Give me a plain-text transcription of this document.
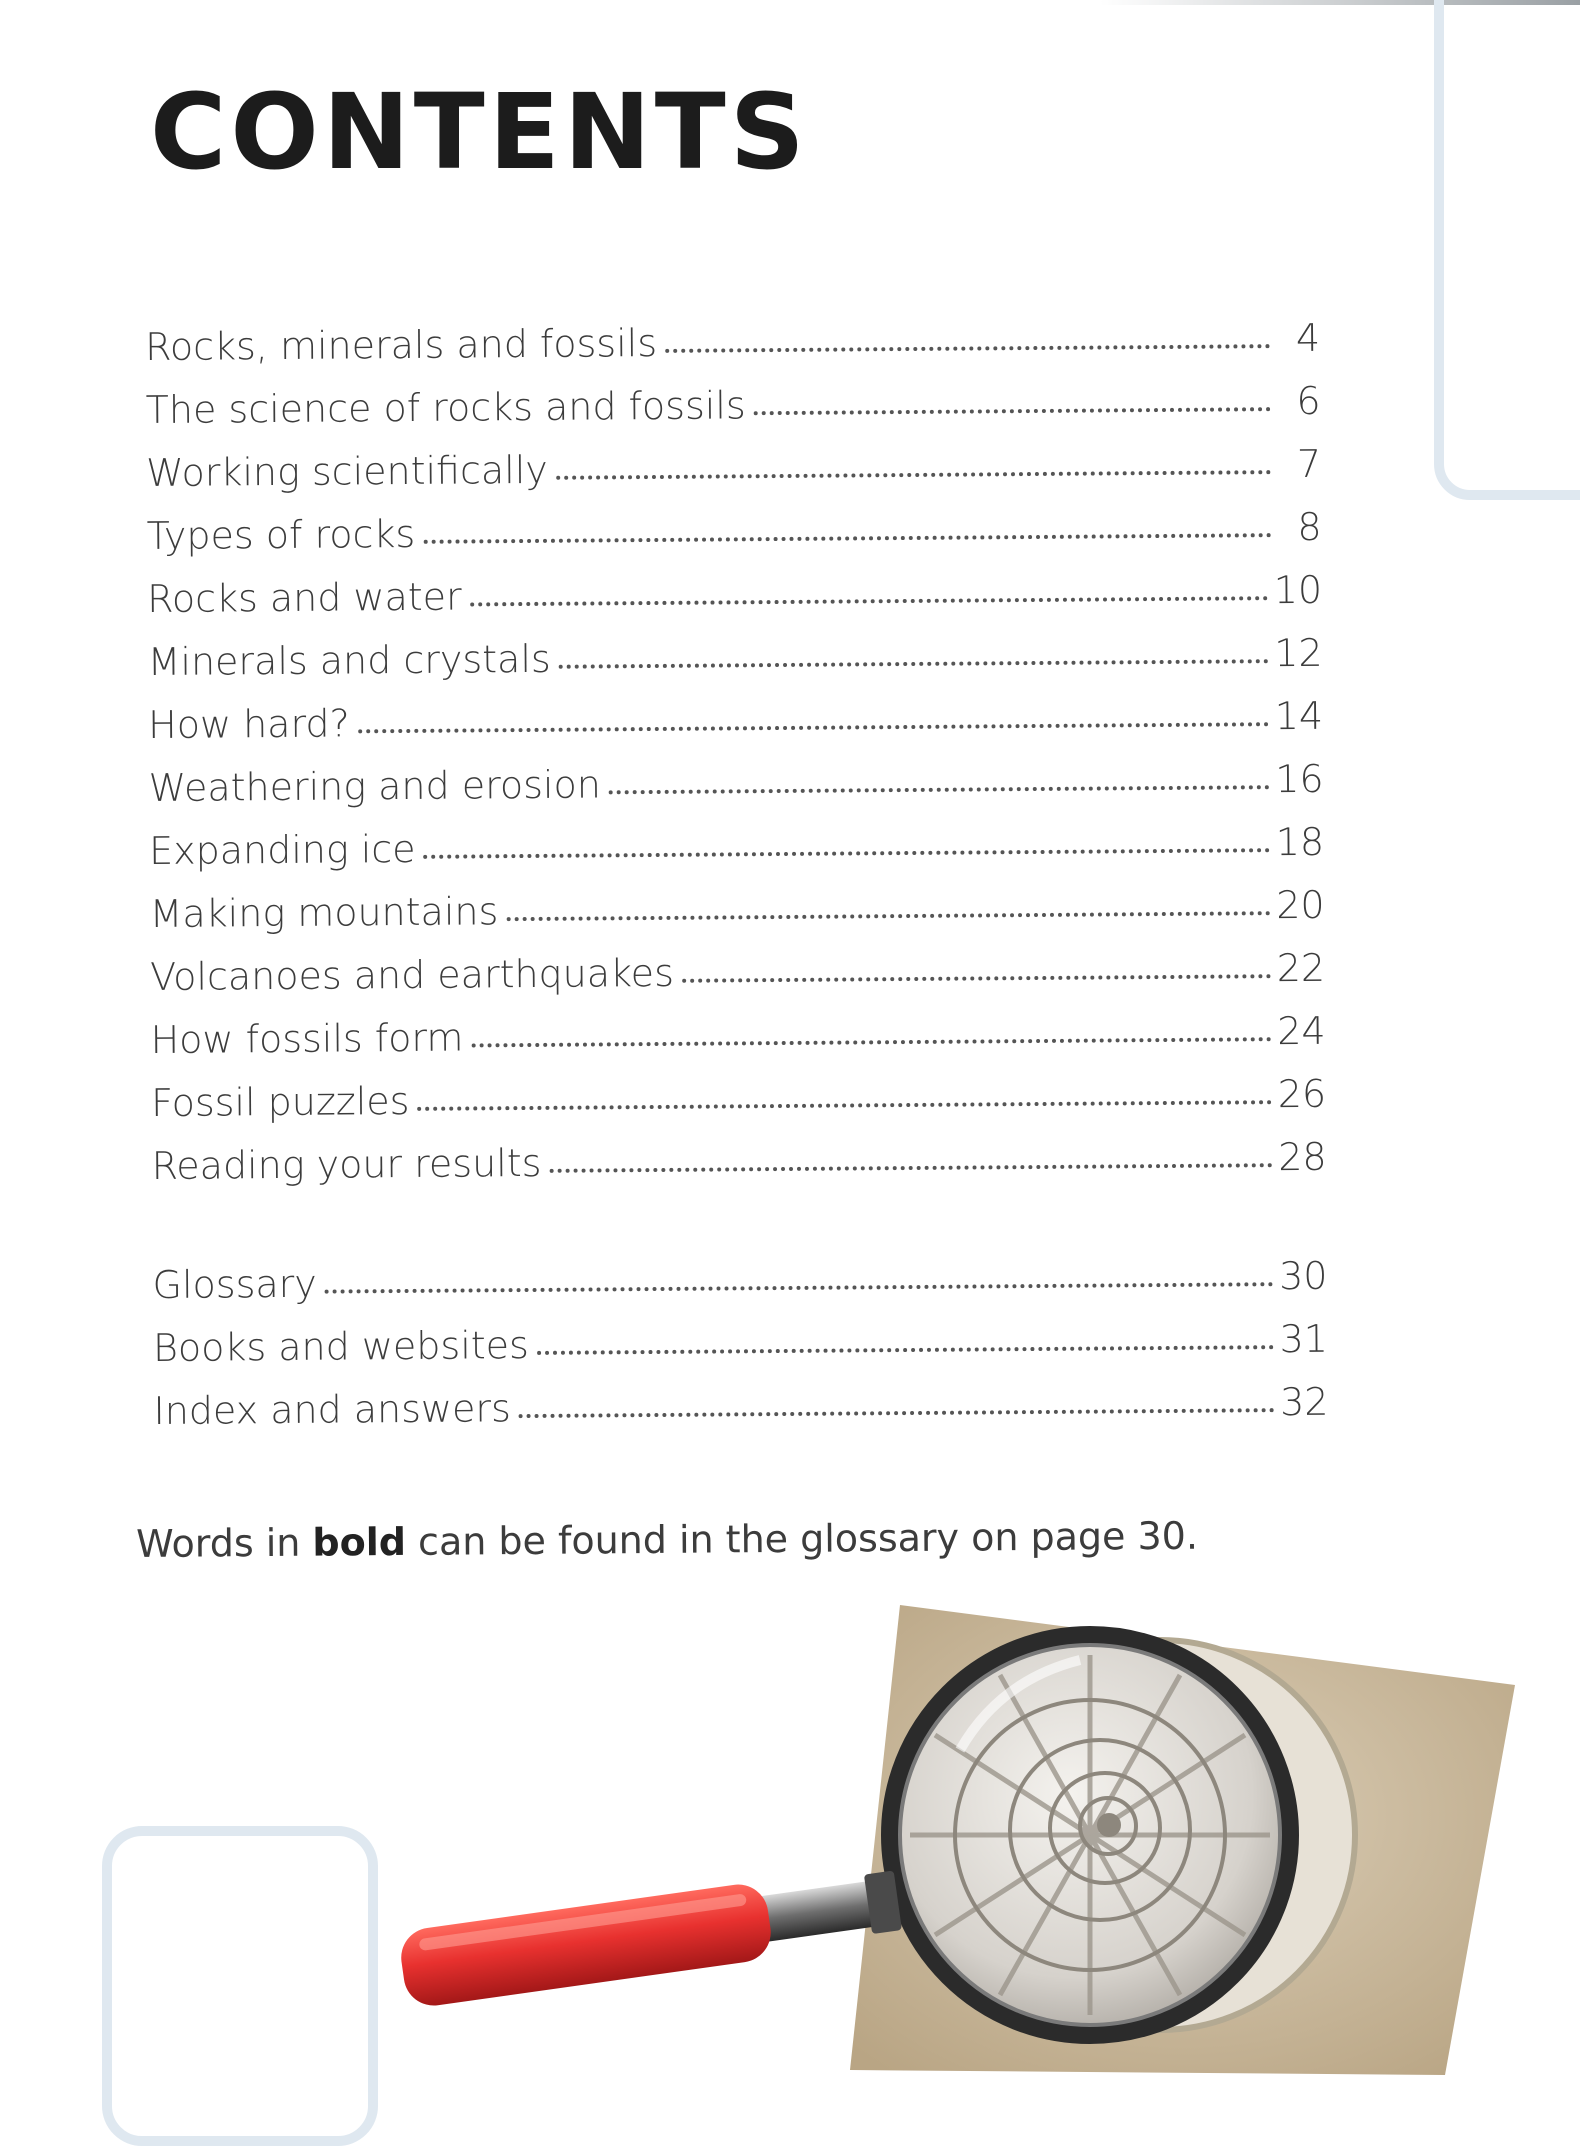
CONTENTS
Rocks, minerals and fossils	4
The science of rocks and fossils	6
Working scientifically	7
Types of rocks	8
Rocks and water	10
Minerals and crystals	12
How hard?	14
Weathering and erosion	16
Expanding ice	18
Making mountains	20
Volcanoes and earthquakes	22
How fossils form	24
Fossil puzzles	26
Reading your results	28
Glossary	30
Books and websites	31
Index and answers	32

Words in bold can be found in the glossary on page 30.
